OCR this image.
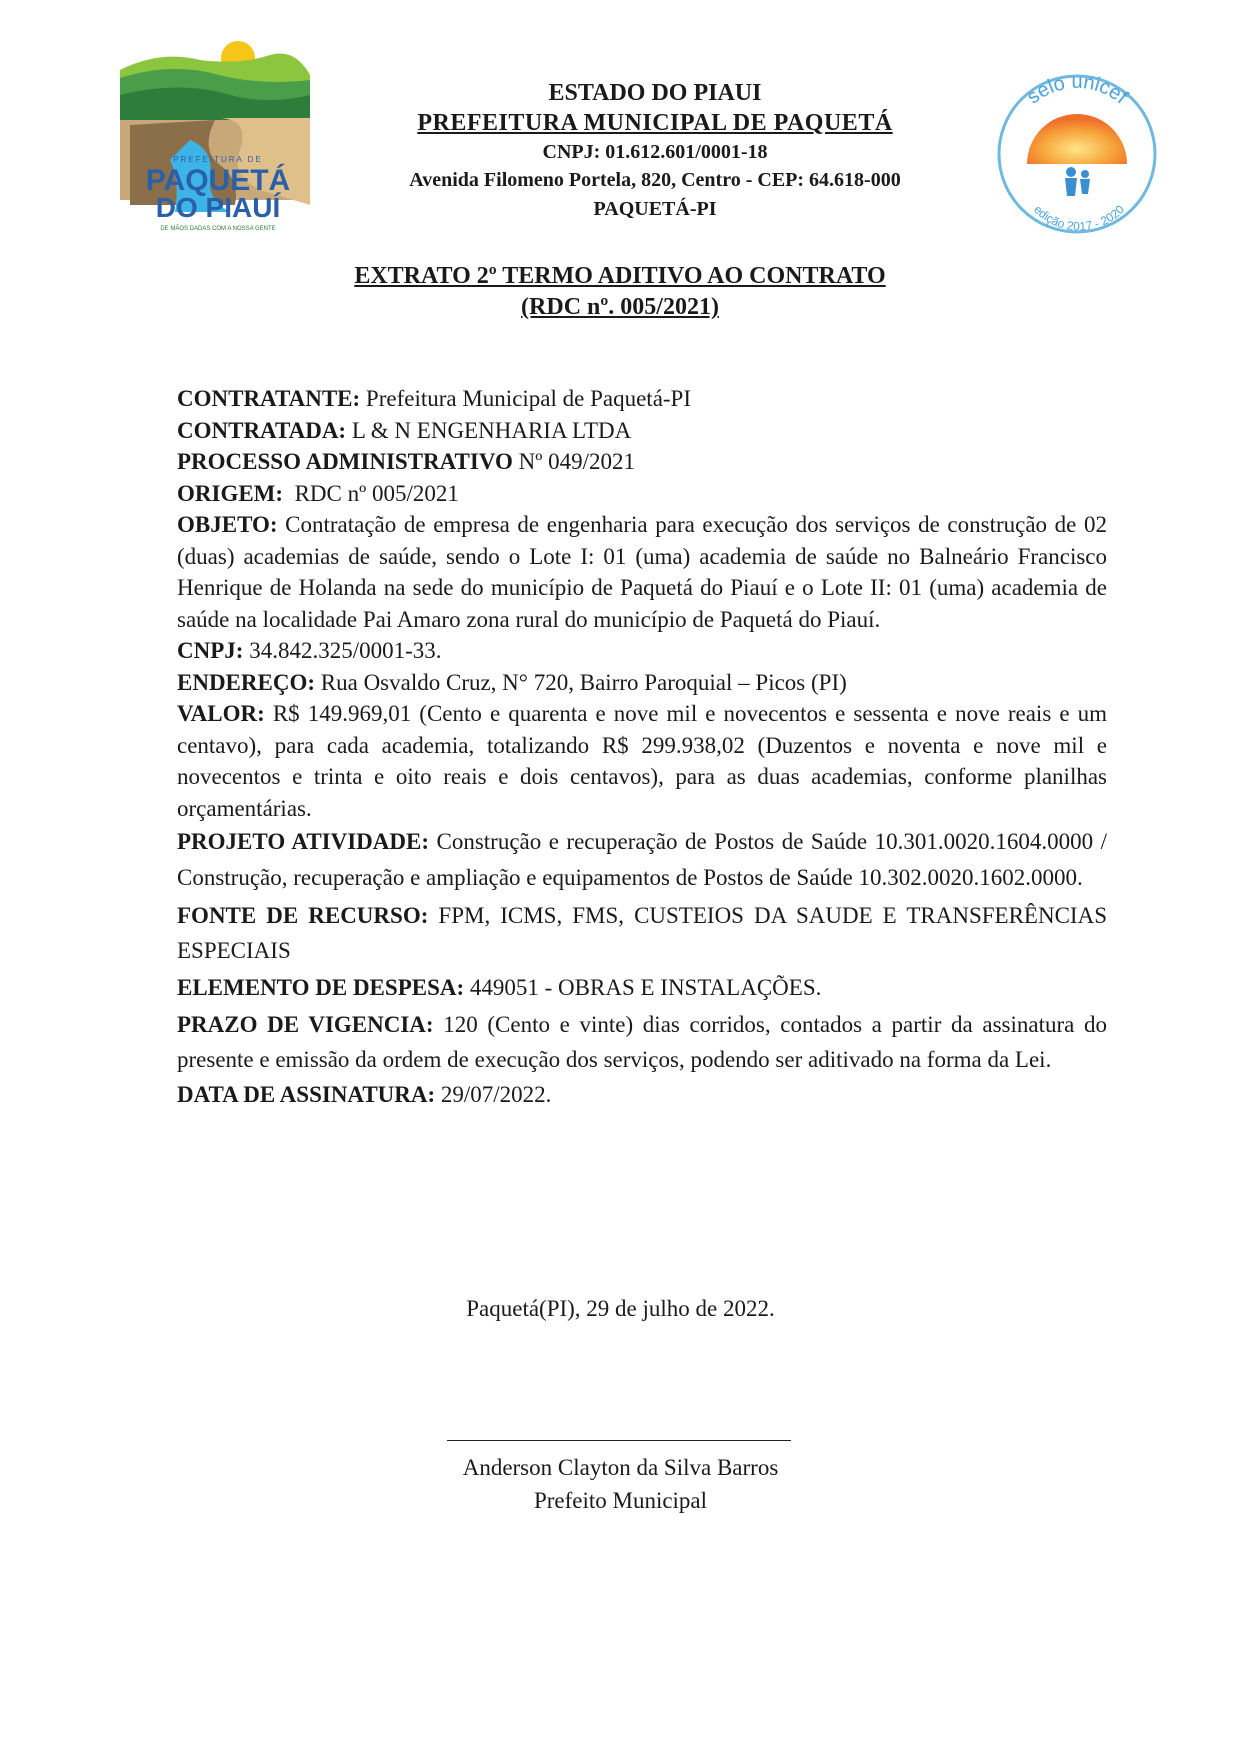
PREFEITURA DE
PAQUETÁ
DO PIAUÍ
DE MÃOS DADAS COM A NOSSA GENTE
ESTADO DO PIAUI
PREFEITURA MUNICIPAL DE PAQUETÁ
CNPJ: 01.612.601/0001-18
Avenida Filomeno Portela, 820, Centro - CEP: 64.618-000
PAQUETÁ-PI
selo unicef
edição 2017 - 2020
EXTRATO 2º TERMO ADITIVO AO CONTRATO
(RDC nº. 005/2021)

CONTRATANTE: Prefeitura Municipal de Paquetá-PI

CONTRATADA: L & N ENGENHARIA LTDA

PROCESSO ADMINISTRATIVO Nº 049/2021

ORIGEM:  RDC nº 005/2021

OBJETO: Contratação de empresa de engenharia para execução dos serviços de construção de 02 (duas) academias de saúde, sendo o Lote I: 01 (uma) academia de saúde no Balneário Francisco Henrique de Holanda na sede do município de Paquetá do Piauí e o Lote II: 01 (uma) academia de saúde na localidade Pai Amaro zona rural do município de Paquetá do Piauí.

CNPJ: 34.842.325/0001-33.

ENDEREÇO: Rua Osvaldo Cruz, N° 720, Bairro Paroquial – Picos (PI)

VALOR: R$ 149.969,01 (Cento e quarenta e nove mil e novecentos e sessenta e nove reais e um centavo), para cada academia, totalizando R$ 299.938,02 (Duzentos e noventa e nove mil e novecentos e trinta e oito reais e dois centavos), para as duas academias, conforme planilhas orçamentárias.

PROJETO ATIVIDADE: Construção e recuperação de Postos de Saúde 10.301.0020.1604.0000 / Construção, recuperação e ampliação e equipamentos de Postos de Saúde 10.302.0020.1602.0000.

FONTE DE RECURSO: FPM, ICMS, FMS, CUSTEIOS DA SAUDE E TRANSFERÊNCIAS ESPECIAIS

ELEMENTO DE DESPESA: 449051 - OBRAS E INSTALAÇÕES.

PRAZO DE VIGENCIA: 120 (Cento e vinte) dias corridos, contados a partir da assinatura do presente e emissão da ordem de execução dos serviços, podendo ser aditivado na forma da Lei.

DATA DE ASSINATURA: 29/07/2022.

Paquetá(PI), 29 de julho de 2022.
Anderson Clayton da Silva Barros
Prefeito Municipal
